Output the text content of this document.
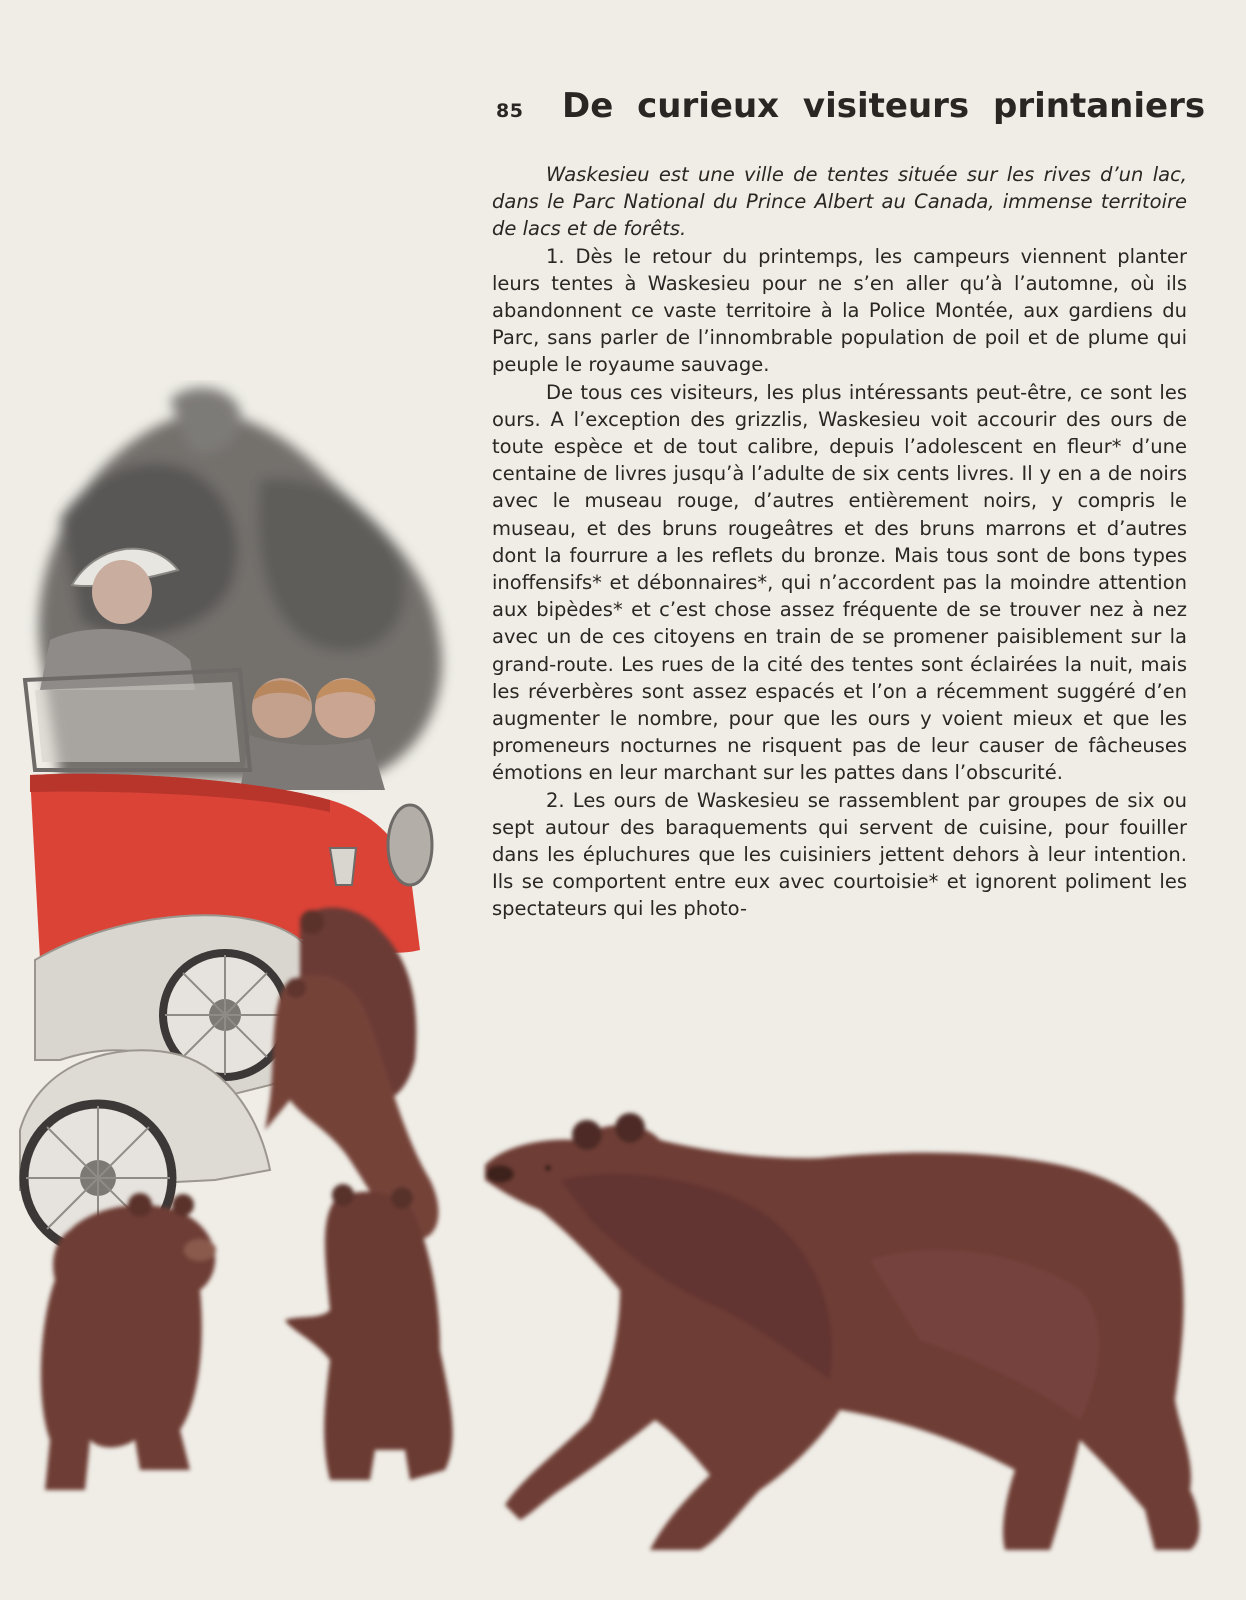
85 De curieux visiteurs printaniers

Waskesieu est une ville de tentes située sur les rives d’un lac, dans le Parc National du Prince Albert au Canada, immense territoire de lacs et de forêts.

1. Dès le retour du printemps, les campeurs viennent planter leurs tentes à Waskesieu pour ne s’en aller qu’à l’automne, où ils abandonnent ce vaste territoire à la Police Montée, aux gardiens du Parc, sans parler de l’innombrable population de poil et de plume qui peuple le royaume sauvage.

De tous ces visiteurs, les plus intéressants peut-être, ce sont les ours. A l’exception des grizzlis, Waskesieu voit accourir des ours de toute espèce et de tout calibre, depuis l’adolescent en fleur* d’une centaine de livres jusqu’à l’adulte de six cents livres. Il y en a de noirs avec le museau rouge, d’autres entièrement noirs, y compris le museau, et des bruns rougeâtres et des bruns marrons et d’autres dont la fourrure a les reflets du bronze. Mais tous sont de bons types inoffensifs* et débonnaires*, qui n’accordent pas la moindre attention aux bipèdes* et c’est chose assez fréquente de se trouver nez à nez avec un de ces citoyens en train de se promener paisiblement sur la grand-route. Les rues de la cité des tentes sont éclairées la nuit, mais les réverbères sont assez espacés et l’on a récemment suggéré d’en augmenter le nombre, pour que les ours y voient mieux et que les promeneurs nocturnes ne risquent pas de leur causer de fâcheuses émotions en leur marchant sur les pattes dans l’obscurité.

2. Les ours de Waskesieu se rassemblent par groupes de six ou sept autour des baraquements qui servent de cuisine, pour fouiller dans les épluchures que les cuisiniers jettent dehors à leur intention. Ils se comportent entre eux avec courtoisie* et ignorent poliment les spectateurs qui les photo-
